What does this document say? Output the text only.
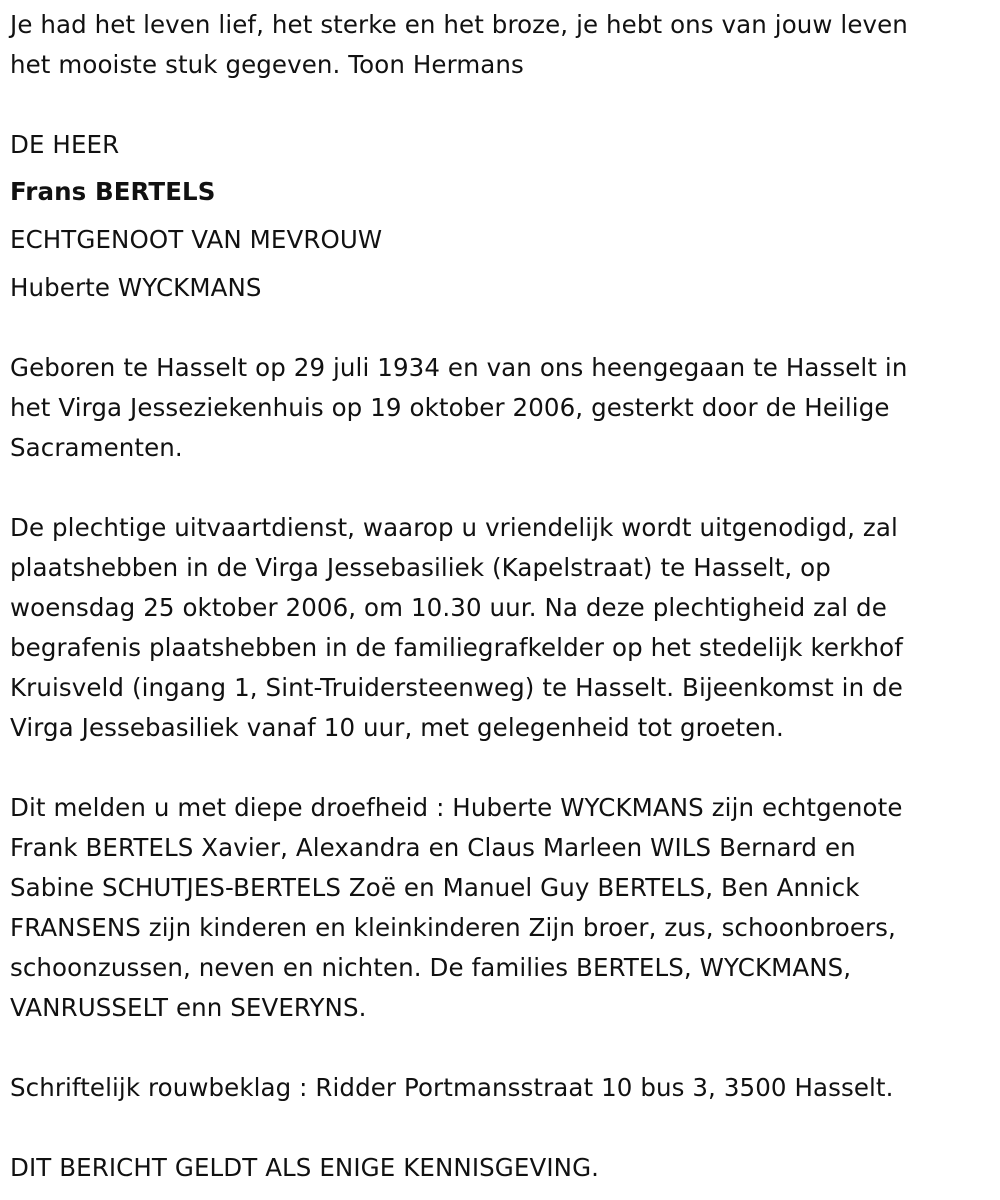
Je had het leven lief, het sterke en het broze, je hebt ons van jouw leven
het mooiste stuk gegeven. Toon Hermans
DE HEER
Frans BERTELS
ECHTGENOOT VAN MEVROUW
Huberte WYCKMANS
Geboren te Hasselt op 29 juli 1934 en van ons heengegaan te Hasselt in
het Virga Jesseziekenhuis op 19 oktober 2006, gesterkt door de Heilige
Sacramenten.
De plechtige uitvaartdienst, waarop u vriendelijk wordt uitgenodigd, zal
plaatshebben in de Virga Jessebasiliek (Kapelstraat) te Hasselt, op
woensdag 25 oktober 2006, om 10.30 uur. Na deze plechtigheid zal de
begrafenis plaatshebben in de familiegrafkelder op het stedelijk kerkhof
Kruisveld (ingang 1, Sint-Truidersteenweg) te Hasselt. Bijeenkomst in de
Virga Jessebasiliek vanaf 10 uur, met gelegenheid tot groeten.
Dit melden u met diepe droefheid : Huberte WYCKMANS zijn echtgenote
Frank BERTELS Xavier, Alexandra en Claus Marleen WILS Bernard en
Sabine SCHUTJES-BERTELS Zoë en Manuel Guy BERTELS, Ben Annick
FRANSENS zijn kinderen en kleinkinderen Zijn broer, zus, schoonbroers,
schoonzussen, neven en nichten. De families BERTELS, WYCKMANS,
VANRUSSELT enn SEVERYNS.
Schriftelijk rouwbeklag : Ridder Portmansstraat 10 bus 3, 3500 Hasselt.
DIT BERICHT GELDT ALS ENIGE KENNISGEVING.
